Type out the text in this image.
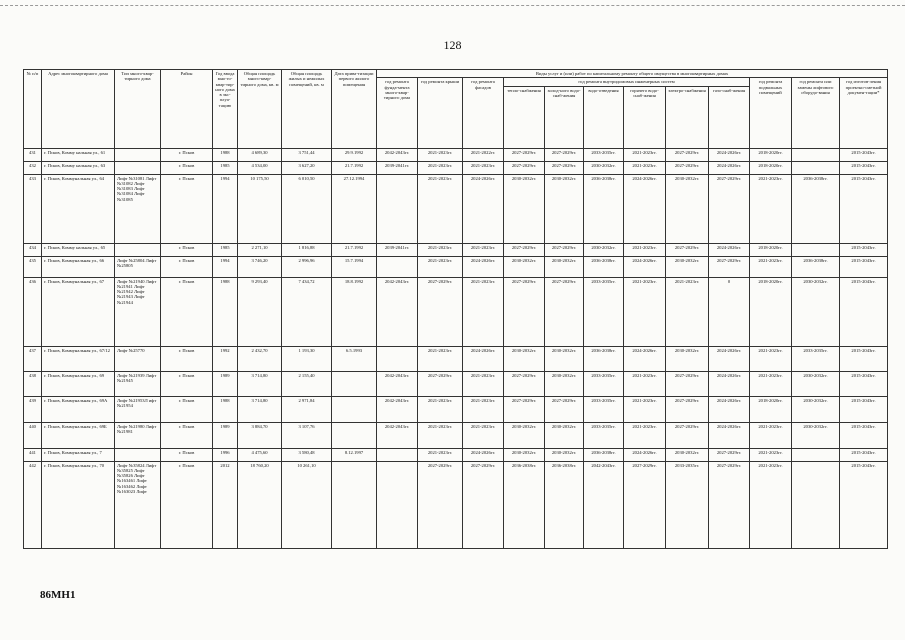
128
№ п/п	Адрес многоквартирного дома	Тип много-квар-тирного дома	Район	Год ввода мно-го-квар-тир-ного дома в экс-плуа-тацию	Общая площадь много-квар-тирного дома, кв. м	Общая площадь жилых и нежилых помещений, кв. м	Дата прива-тизации первого жилого помещения	Виды услуг и (или) работ по капитальному ремонту общего имущества в многоквартирных домах											
								год ремонта фунда-мента много-квар-тирного дома	год ремонта крыши	год ремонта фасадов	год ремонта внутридомовых инженерных систем						год ремонта подвальных помещений	год ремонта или замены лифтового оборудо-вания	год изготов-ления проектно-сметной докумен-тации*
											тепло-снабжения	холод-ного водо-снаб-жения	водо-отведения	горячего водо-снаб-жения	электро-снабжения	газо-снаб-жения			
431	г. Псков, Комму нальная ул., 61		г. Псков	1988	4 689,30	3 751,44	29.9.1992	2042-2043гг.	2021-2023гг.	2021-2022гг.	2027-2029гг.	2027-2029гг.	2033-2035гг.	2021-2023гг.	2027-2029гг.	2024-2026гг.	2018-2020гг.		2015-2043гг.
432	г. Псков, Комму нальная ул., 63		г. Псков	1985	4 534,00	3 627,20	21.7.1992	2039-2041гг.	2021-2023гг.	2021-2023гг.	2027-2029гг.	2027-2029гг.	2030-2032гг.	2021-2023гг.	2027-2029гг.	2024-2026гг.	2018-2020гг.		2015-2043гг.
433	г. Псков, Коммунальная ул., 64	Лифт №31081 Лифт №31082 Лифт №31083 Лифт №31084 Лифт №31085	г. Псков	1994	10 175,50	6 010,50	27.12.1994		2021-2023гг.	2024-2026гг.	2030-2032гг.	2030-2032гг.	2036-2038гг.	2024-2026гг.	2030-2032гг.	2027-2029гг.	2021-2023гг.	2036-2038гг.	2015-2043гг.
434	г. Псков, Комму нальная ул., 65		г. Псков	1985	2 271,10	1 816,88	21.7.1992	2039-2041гг.	2021-2023гг.	2021-2023гг.	2027-2029гг.	2027-2029гг.	2030-2032гг.	2021-2023гг.	2027-2029гг.	2024-2026гг.	2018-2020гг.		2015-2043гг.
435	г. Псков, Коммунальная ул., 66	Лифт №25804 Лифт №25805	г. Псков	1994	3 746,20	2 996,96	15.7.1994		2021-2023гг.	2024-2026гг.	2030-2032гг.	2030-2032гг.	2036-2038гг.	2024-2026гг.	2030-2032гг.	2027-2029гг.	2021-2023гг.	2036-2038гг.	2015-2043гг.
436	г. Псков, Коммунальная ул., 67	Лифт №21940 Лифт №21941 Лифт №21942 Лифт №21943 Лифт №21944	г. Псков	1988	9 293,40	7 434,72	18.8.1992	2042-2043гг.	2027-2029гг.	2021-2023гг.	2027-2029гг.	2027-2029гг.	2033-2035гг.	2021-2023гг.	2021-2023гг.	0	2018-2020гг.	2030-2032гг.	2015-2043гг.
437	г. Псков, Коммунальная ул., 67/12	Лифт №25770	г. Псков	1992	2 432,70	1 193,30	6.5.1993		2021-2023гг.	2024-2026гг.	2030-2032гг.	2030-2032гг.	2036-2038гг.	2024-2026гг.	2030-2032гг.	2024-2026гг.	2021-2023гг.	2033-2035гг.	2015-2043гг.
438	г. Псков, Коммунальная ул., 69	Лифт №21939 Лифт №21945	г. Псков	1989	3 714,80	2 155,40		2042-2043гг.	2027-2029гг.	2021-2023гг.	2027-2029гг.	2030-2032гг.	2033-2035гг.	2021-2023гг.	2027-2029гг.	2024-2026гг.	2021-2023гг.	2030-2032гг.	2015-2043гг.
439	г. Псков, Коммунальная ул., 69А	Лифт №21953Л ифт №21954	г. Псков	1988	3 714,80	2 971,84		2042-2043гг.	2021-2023гг.	2021-2023гг.	2027-2029гг.	2027-2029гг.	2033-2035гг.	2021-2023гг.	2027-2029гг.	2024-2026гг.	2018-2020гг.	2030-2032гг.	2015-2043гг.
440	г. Псков, Коммунальная ул., 69Б	Лифт №21980 Лифт №21981	г. Псков	1989	3 884,70	3 107,76		2042-2043гг.	2021-2023гг.	2021-2023гг.	2030-2032гг.	2030-2032гг.	2033-2035гг.	2021-2023гг.	2027-2029гг.	2024-2026гг.	2021-2023гг.	2030-2032гг.	2015-2043гг.
441	г. Псков, Коммунальная ул., 7		г. Псков	1996	4 475,60	3 580,48	8.12.1997		2021-2023гг.	2024-2026гг.	2030-2032гг.	2030-2032гг.	2036-2038гг.	2024-2026гг.	2030-2032гг.	2027-2029гг.	2021-2023гг.		2015-2043гг.
442	г. Псков, Коммунальная ул., 70	Лифт №35824 Лифт №35825 Лифт №35826 Лифт №163461 Лифт №163462 Лифт №163023 Лифт	г. Псков	2012	18 760,20	10 261,10			2027-2029гг.	2027-2029гг.	2036-2038гг.	2036-2038гг.	2042-2043гг.	2027-2029гг.	2033-2035гг.	2027-2029гг.	2021-2023гг.		2015-2043гг.
86MH1
